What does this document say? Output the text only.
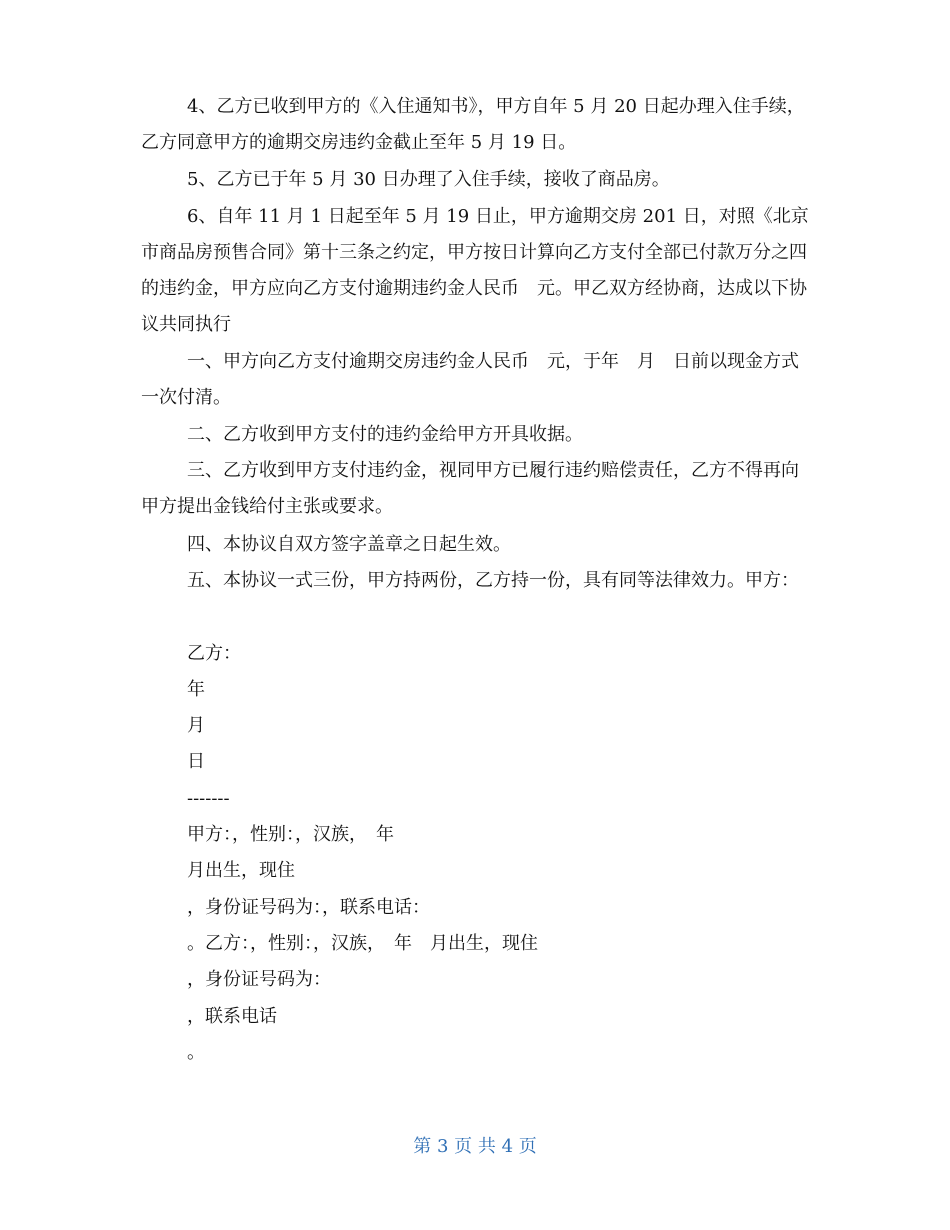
4、乙方已收到甲方的《入住通知书》，甲方自年 5 月 20 日起办理入住手续，乙方同意甲方的逾期交房违约金截止至年 5 月 19 日。

5、乙方已于年 5 月 30 日办理了入住手续，接收了商品房。

6、自年 11 月 1 日起至年 5 月 19 日止，甲方逾期交房 201 日，对照《北京市商品房预售合同》第十三条之约定，甲方按日计算向乙方支付全部已付款万分之四的违约金，甲方应向乙方支付逾期违约金人民币　元。甲乙双方经协商，达成以下协议共同执行

一、甲方向乙方支付逾期交房违约金人民币　元，于年　月　日前以现金方式一次付清。

二、乙方收到甲方支付的违约金给甲方开具收据。

三、乙方收到甲方支付违约金，视同甲方已履行违约赔偿责任，乙方不得再向甲方提出金钱给付主张或要求。

四、本协议自双方签字盖章之日起生效。

五、本协议一式三份，甲方持两份，乙方持一份，具有同等法律效力。甲方：

乙方：

年

月

日

-------

甲方：，性别：，汉族，　年

月出生，现住

，身份证号码为：，联系电话：

。乙方：，性别：，汉族，　年　月出生，现住

，身份证号码为：

，联系电话

。

第 3 页 共 4 页
